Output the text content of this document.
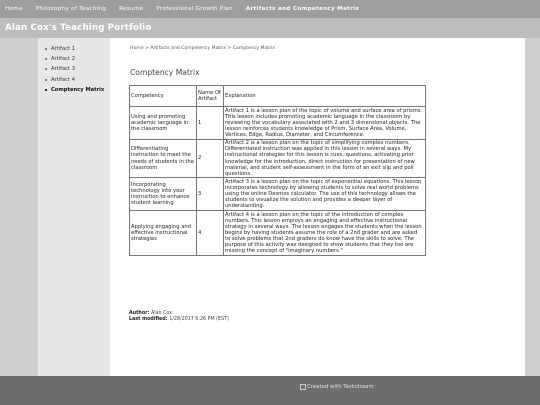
Home Philosophy of Teaching Resume Professional Growth Plan Artifacts and Competency Matrix
Alan Cox's Teaching Portfolio
Artifact 1
Artifact 2
Artifact 3
Artifact 4
Comptency Matrix
Home > Artifacts and Competency Matrix > Comptency Matrix
Comptency Matrix
Competency	Name Of Artifact	Explanation
Using and promoting academic language in the classroom	1	Artifact 1 is a lesson plan of the topic of volume and surface area of prisms. This lesson includes promoting academic language in the classroom by reviewing the vocabulary associated with 2 and 3 dimensional objects. The lesson reinforces students knowledge of Prism, Surface Area, Volume, Vertices, Edge, Radius, Diameter, and Circumference.
Differentiating instruction to meet the needs of students in the classroom	2	Artifact 2 is a lesson plan on the topic of simplifying complex numbers. Differentiated instruction was applied in this lesson in several ways. My instructional strategies for this lesson is cues, questions, activating prior knowledge for the introduction, direct instruction for presentation of new material, and student self-assessment in the form of an exit slip and poll questions.
Incorporating technology into your instruction to enhance student learning	3	Artifact 3 is a lesson plan on the topic of exponential equations. This lesson incorporates technology by allowing students to solve real world problems using the online Desmos calculator. The use of this technology allows the students to visualize the solution and provides a deeper layer of understanding.
Applying engaging and effective instructional strategies	4	Artifact 4 is a lesson plan on the topic of the introduction of complex numbers. This lesson employs an engaging and effective instructional strategy in several ways. The lesson engages the students when the lesson begins by having students assume the role of a 2nd grader and are asked to solve problems that 2nd graders do know have the skills to solve. The purpose of this activity was designed to show students that they too are missing the concept of "imaginary numbers."
Author: Alan Cox
Last modified: 1/28/2017 6:26 PM (EST)
Created with Taskstream
